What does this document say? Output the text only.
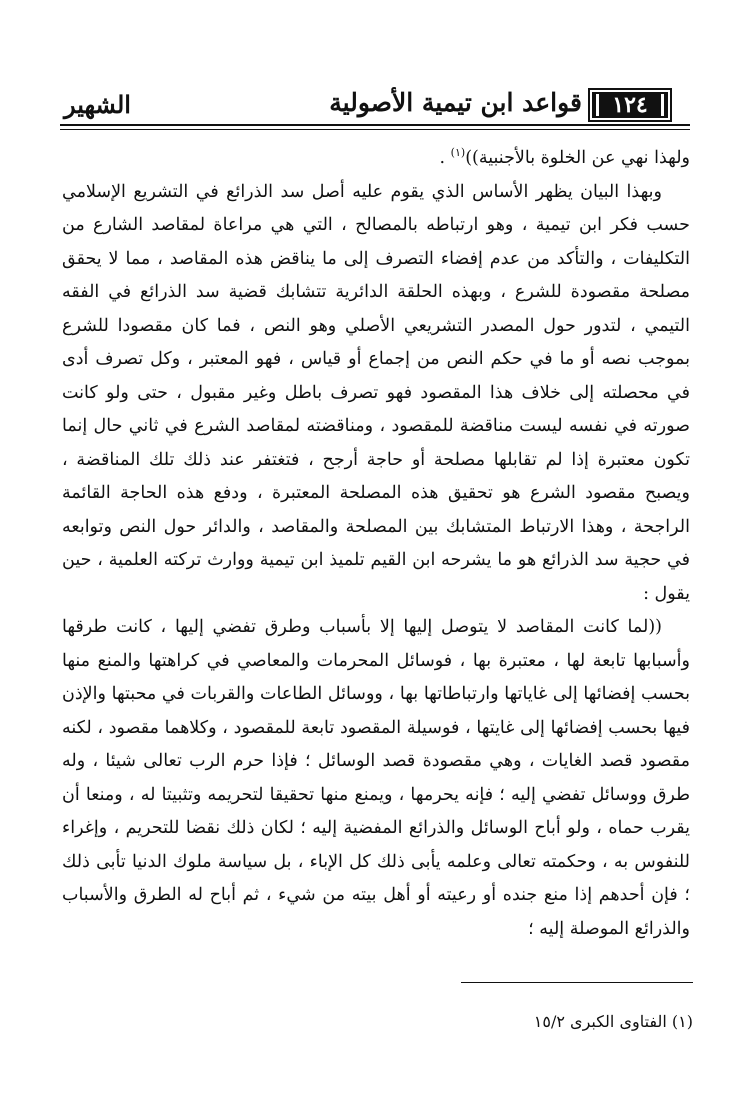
الشهير	١٢٤
قواعد ابن تيمية الأصولية

ولهذا نهي عن الخلوة بالأجنبية))$^{(١)}$ .

وبهذا البيان يظهر الأساس الذي يقوم عليه أصل سد الذرائع في التشريع الإسلامي حسب فكر ابن تيمية ، وهو ارتباطه بالمصالح ، التي هي مراعاة لمقاصد الشارع من التكليفات ، والتأكد من عدم إفضاء التصرف إلى ما يناقض هذه المقاصد ، مما لا يحقق مصلحة مقصودة للشرع ، وبهذه الحلقة الدائرية تتشابك قضية سد الذرائع في الفقه التيمي ، لتدور حول المصدر التشريعي الأصلي وهو النص ، فما كان مقصودا للشرع بموجب نصه أو ما في حكم النص من إجماع أو قياس ، فهو المعتبر ، وكل تصرف أدى في محصلته إلى خلاف هذا المقصود فهو تصرف باطل وغير مقبول ، حتى ولو كانت صورته في نفسه ليست مناقضة للمقصود ، ومناقضته لمقاصد الشرع في ثاني حال إنما تكون معتبرة إذا لم تقابلها مصلحة أو حاجة أرجح ، فتغتفر عند ذلك تلك المناقضة ، ويصبح مقصود الشرع هو تحقيق هذه المصلحة المعتبرة ، ودفع هذه الحاجة القائمة الراجحة ، وهذا الارتباط المتشابك بين المصلحة والمقاصد ، والدائر حول النص وتوابعه في حجية سد الذرائع هو ما يشرحه ابن القيم تلميذ ابن تيمية ووارث تركته العلمية ، حين يقول :

((لما كانت المقاصد لا يتوصل إليها إلا بأسباب وطرق تفضي إليها ، كانت طرقها وأسبابها تابعة لها ، معتبرة بها ، فوسائل المحرمات والمعاصي في كراهتها والمنع منها بحسب إفضائها إلى غاياتها وارتباطاتها بها ، ووسائل الطاعات والقربات في محبتها والإذن فيها بحسب إفضائها إلى غايتها ، فوسيلة المقصود تابعة للمقصود ، وكلاهما مقصود ، لكنه مقصود قصد الغايات ، وهي مقصودة قصد الوسائل ؛ فإذا حرم الرب تعالى شيئا ، وله طرق ووسائل تفضي إليه ؛ فإنه يحرمها ، ويمنع منها تحقيقا لتحريمه وتثبيتا له ، ومنعا أن يقرب حماه ، ولو أباح الوسائل والذرائع المفضية إليه ؛ لكان ذلك نقضا للتحريم ، وإغراء للنفوس به ، وحكمته تعالى وعلمه يأبى ذلك كل الإباء ، بل سياسة ملوك الدنيا تأبى ذلك ؛ فإن أحدهم إذا منع جنده أو رعيته أو أهل بيته من شيء ، ثم أباح له الطرق والأسباب والذرائع الموصلة إليه ؛

(١) الفتاوى الكبرى ١٥/٢
